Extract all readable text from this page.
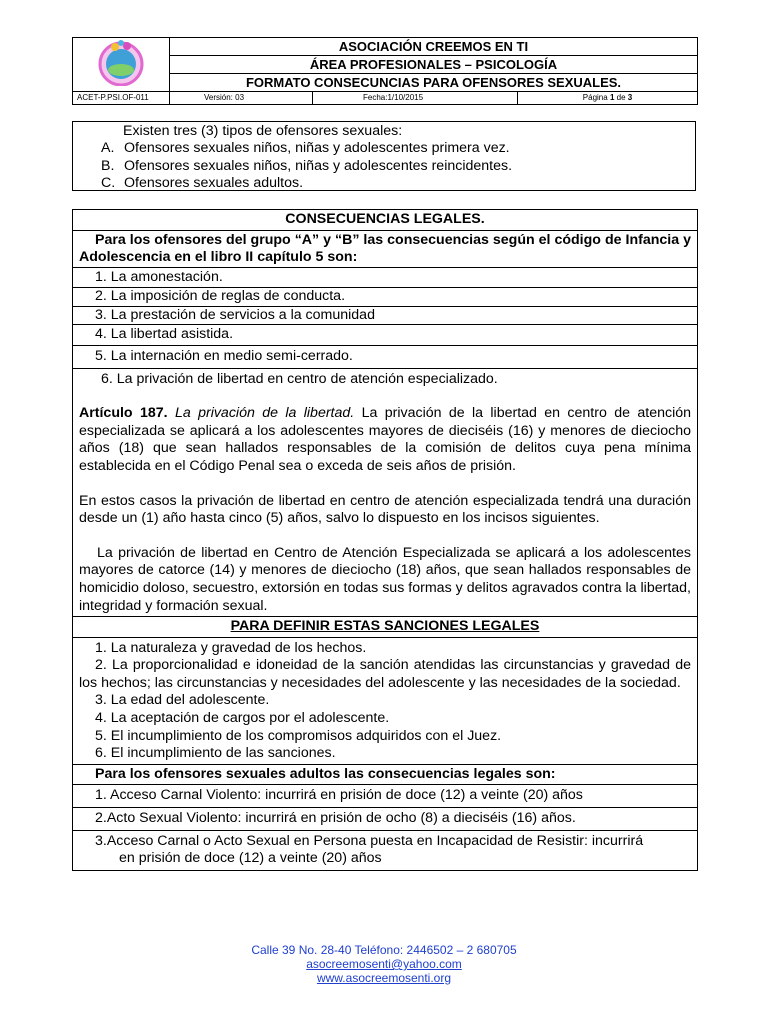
	ASOCIACIÓN CREEMOS EN TI		
	ÁREA PROFESIONALES – PSICOLOGÍA		
	FORMATO CONSECUNCIAS PARA OFENSORES SEXUALES.		
ACET-P.PSI.OF-011	Versión: 03	Fecha:1/10/2015	Página 1 de 3
Existen tres (3) tipos de ofensores sexuales:
A. Ofensores sexuales niños, niñas y adolescentes primera vez.
B. Ofensores sexuales niños, niñas y adolescentes reincidentes.
C. Ofensores sexuales adultos.
CONSECUENCIAS LEGALES.
Para los ofensores del grupo “A” y “B” las consecuencias según el código de Infancia y Adolescencia en el libro II capítulo 5 son:
1. La amonestación.
2. La imposición de reglas de conducta.
3. La prestación de servicios a la comunidad
4. La libertad asistida.
5. La internación en medio semi-cerrado.

6. La privación de libertad en centro de atención especializado.

Artículo 187. La privación de la libertad. La privación de la libertad en centro de atención especializada se aplicará a los adolescentes mayores de dieciséis (16) y menores de dieciocho años (18) que sean hallados responsables de la comisión de delitos cuya pena mínima establecida en el Código Penal sea o exceda de seis años de prisión.

En estos casos la privación de libertad en centro de atención especializada tendrá una duración desde un (1) año hasta cinco (5) años, salvo lo dispuesto en los incisos siguientes.

La privación de libertad en Centro de Atención Especializada se aplicará a los adolescentes mayores de catorce (14) y menores de dieciocho (18) años, que sean hallados responsables de homicidio doloso, secuestro, extorsión en todas sus formas y delitos agravados contra la libertad, integridad y formación sexual.

PARA DEFINIR ESTAS SANCIONES LEGALES

1. La naturaleza y gravedad de los hechos.
2. La proporcionalidad e idoneidad de la sanción atendidas las circunstancias y gravedad de los hechos; las circunstancias y necesidades del adolescente y las necesidades de la sociedad.
3. La edad del adolescente.
4. La aceptación de cargos por el adolescente.
5. El incumplimiento de los compromisos adquiridos con el Juez.
6. El incumplimiento de las sanciones.

Para los ofensores sexuales adultos las consecuencias legales son:
1. Acceso Carnal Violento: incurrirá en prisión de doce (12) a veinte (20) años
2.Acto Sexual Violento: incurrirá en prisión de ocho (8) a dieciséis (16) años.

3.Acceso Carnal o Acto Sexual en Persona puesta en Incapacidad de Resistir: incurrirá
en prisión de doce (12) a veinte (20) años
Calle 39 No. 28-40 Teléfono: 2446502 – 2 680705
asocreemosenti@yahoo.com
www.asocreemosenti.org
